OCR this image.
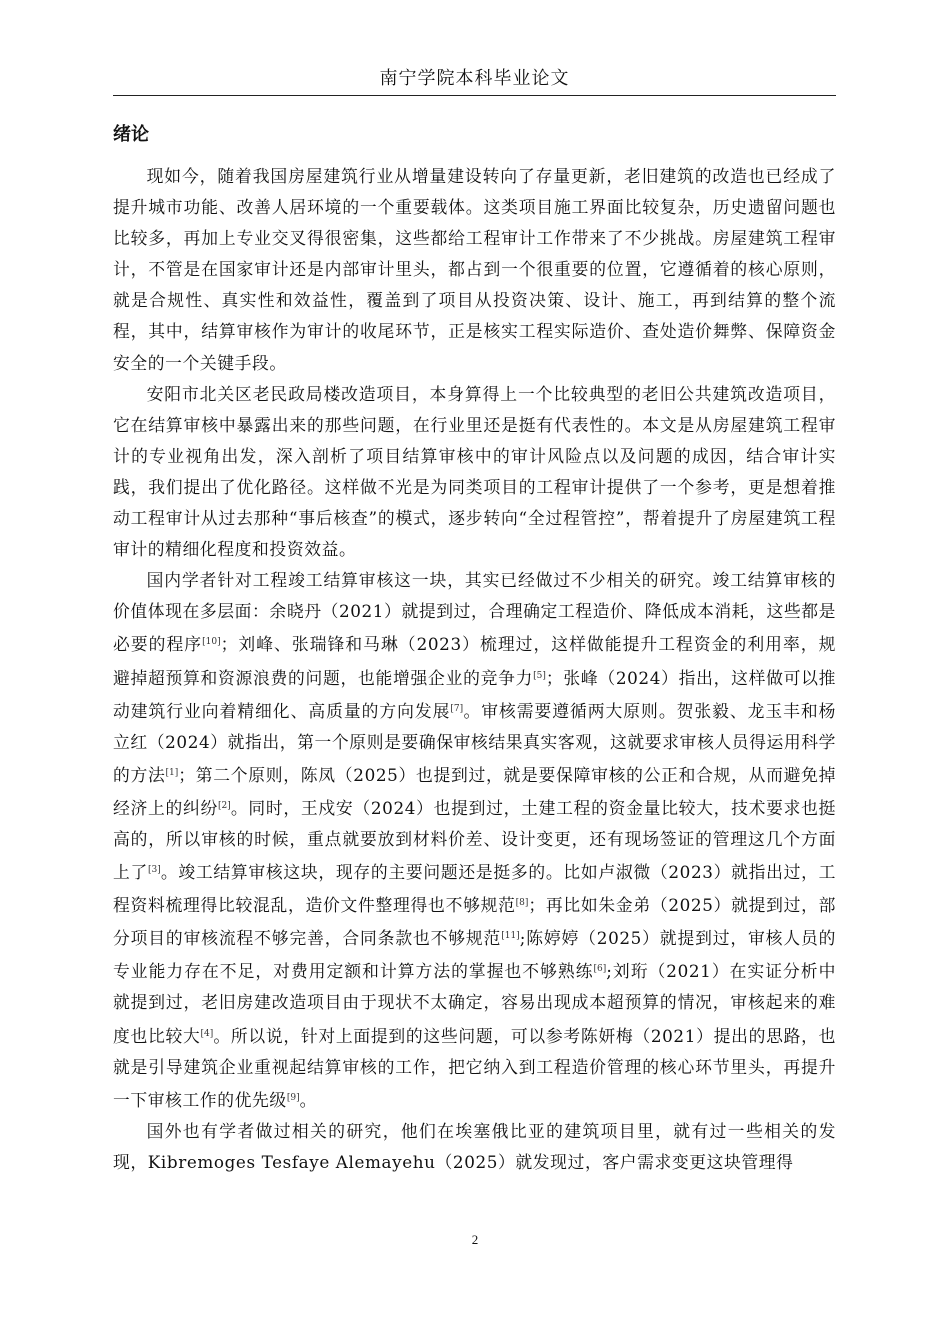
南宁学院本科毕业论文
绪论

现如今，随着我国房屋建筑行业从增量建设转向了存量更新，老旧建筑的改造也已经成了提升城市功能、改善人居环境的一个重要载体。这类项目施工界面比较复杂，历史遗留问题也比较多，再加上专业交叉得很密集，这些都给工程审计工作带来了不少挑战。房屋建筑工程审计，不管是在国家审计还是内部审计里头，都占到一个很重要的位置，它遵循着的核心原则，就是合规性、真实性和效益性，覆盖到了项目从投资决策、设计、施工，再到结算的整个流程，其中，结算审核作为审计的收尾环节，正是核实工程实际造价、查处造价舞弊、保障资金安全的一个关键手段。

安阳市北关区老民政局楼改造项目，本身算得上一个比较典型的老旧公共建筑改造项目，它在结算审核中暴露出来的那些问题，在行业里还是挺有代表性的。本文是从房屋建筑工程审计的专业视角出发，深入剖析了项目结算审核中的审计风险点以及问题的成因，结合审计实践，我们提出了优化路径。这样做不光是为同类项目的工程审计提供了一个参考，更是想着推动工程审计从过去那种“事后核查”的模式，逐步转向“全过程管控”，帮着提升了房屋建筑工程审计的精细化程度和投资效益。

国内学者针对工程竣工结算审核这一块，其实已经做过不少相关的研究。竣工结算审核的价值体现在多层面：余晓丹（2021）就提到过，合理确定工程造价、降低成本消耗，这些都是必要的程序[10]；刘峰、张瑞锋和马琳（2023）梳理过，这样做能提升工程资金的利用率，规避掉超预算和资源浪费的问题，也能增强企业的竞争力[5]；张峰（2024）指出，这样做可以推动建筑行业向着精细化、高质量的方向发展[7]。审核需要遵循两大原则。贺张毅、龙玉丰和杨立红（2024）就指出，第一个原则是要确保审核结果真实客观，这就要求审核人员得运用科学的方法[1]；第二个原则，陈凤（2025）也提到过，就是要保障审核的公正和合规，从而避免掉经济上的纠纷[2]。同时，王戍安（2024）也提到过，土建工程的资金量比较大，技术要求也挺高的，所以审核的时候，重点就要放到材料价差、设计变更，还有现场签证的管理这几个方面上了[3]。竣工结算审核这块，现存的主要问题还是挺多的。比如卢淑微（2023）就指出过，工程资料梳理得比较混乱，造价文件整理得也不够规范[8]；再比如朱金弟（2025）就提到过，部分项目的审核流程不够完善，合同条款也不够规范[11];陈婷婷（2025）就提到过，审核人员的专业能力存在不足，对费用定额和计算方法的掌握也不够熟练[6];刘珩（2021）在实证分析中就提到过，老旧房建改造项目由于现状不太确定，容易出现成本超预算的情况，审核起来的难度也比较大[4]。所以说，针对上面提到的这些问题，可以参考陈妍梅（2021）提出的思路，也就是引导建筑企业重视起结算审核的工作，把它纳入到工程造价管理的核心环节里头，再提升一下审核工作的优先级[9]。

国外也有学者做过相关的研究，他们在埃塞俄比亚的建筑项目里，就有过一些相关的发现，Kibremoges Tesfaye Alemayehu（2025）就发现过，客户需求变更这块管理得

2
